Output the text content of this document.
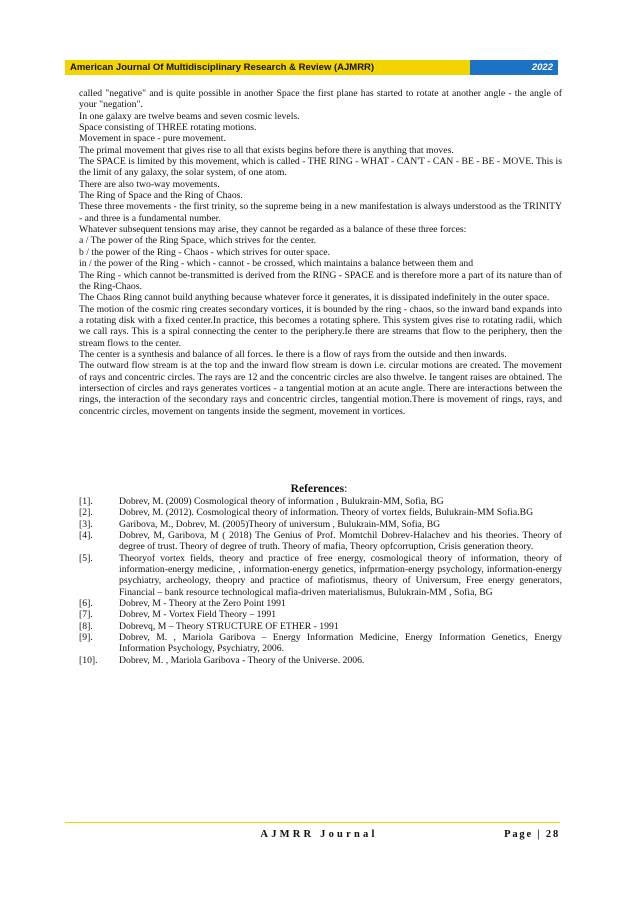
American Journal Of Multidisciplinary Research & Review (AJMRR)	2022

called "negative" and is quite possible in another Space the first plane has started to rotate at another angle - the angle of your "negation".

In one galaxy are twelve beams and seven cosmic levels.

Space consisting of THREE rotating motions.

Movement in space - pure movement.

The primal movement that gives rise to all that exists begins before there is anything that moves.

The SPACE is limited by this movement, which is called - THE RING - WHAT - CAN'T - CAN - BE - BE - MOVE. This is the limit of any galaxy, the solar system, of one atom.

There are also two-way movements.

The Ring of Space and the Ring of Chaos.

These three movements - the first trinity, so the supreme being in a new manifestation is always understood as the TRINITY - and three is a fundamental number.

Whatever subsequent tensions may arise, they cannot be regarded as a balance of these three forces:

a / The power of the Ring Space, which strives for the center.

b / the power of the Ring - Chaos - which strives for outer space.

in / the power of the Ring - which - cannot - be crossed, which maintains a balance between them and

The Ring - which cannot be-transmitted is derived from the RING - SPACE and is therefore more a part of its nature than of the Ring-Chaos.

The Chaos Ring cannot build anything because whatever force it generates, it is dissipated indefinitely in the outer space.

The motion of the cosmic ring creates secondary vortices, it is bounded by the ring - chaos, so the inward band expands into a rotating disk with a fixed center.In practice, this becomes a rotating sphere. This system gives rise to rotating radii, which we call rays. This is a spiral connecting the center to the periphery.Ie there are streams that flow to the periphery, then the stream flows to the center.

The center is a synthesis and balance of all forces. Ie there is a flow of rays from the outside and then inwards.

The outward flow stream is at the top and the inward flow stream is down i.e. circular motions are created. The movement of rays and concentric circles. The rays are 12 and the concentric circles are also thwelve. Ie tangent raises are obtained. The intersection of circles and rays generates vortices - a tangential motion at an acute angle. There are interactions between the rings, the interaction of the secondary rays and concentric circles, tangential motion.There is movement of rings, rays, and concentric circles, movement on tangents inside the segment, movement in vortices.

References:
[1].	Dobrev, M. (2009) Cosmological theory of information , Bulukrain-MM, Sofia, BG
[2].	Dobrev, M. (2012). Cosmological theory of information. Theory of vortex fields, Bulukrain-MM Sofia.BG
[3].	Garibova, M., Dobrev, M. (2005)Theory of universum , Bulukrain-MM, Sofia, BG
[4].	Dobrev, M, Garibova, M ( 2018) The Genius of Prof. Momtchil Dobrev-Halachev and his theories. Theory of degree of trust. Theory of degree of truth. Theory of mafia, Theory opfcorruption, Crisis generation theory.
[5].	Theoryof vortex fields, theory and practice of free energy, cosmological theory of information, theory of information-energy medicine, , information-energy genetics, infprmation-energy psychology, information-energy psychiatry, archeology, theopry and practice of mafiotismus, theory of Universum, Free energy generators, Financial – bank resource technological mafia-driven materialismus, Bulukrain-MM , Sofia, BG
[6].	Dobrev, M - Theory at the Zero Point 1991
[7].	Dobrev, M - Vortex Field Theory – 1991
[8].	Dobrevq, M – Theory STRUCTURE OF ETHER - 1991
[9].	Dobrev, M. , Mariola Garibova – Energy Information Medicine, Energy Information Genetics, Energy Information Psychology, Psychiatry, 2006.
[10].	Dobrev, M. , Mariola Garibova - Theory of the Universe. 2006.
AJMRR Journal	Page | 28
